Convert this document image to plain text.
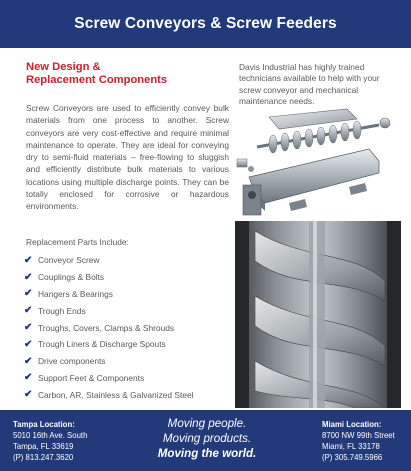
Screw Conveyors & Screw Feeders
New Design &
Replacement Components

Screw Conveyors are used to efficiently convey bulk materials from one process to another. Screw conveyors are very cost-effective and require minimal maintenance to operate. They are ideal for conveying dry to semi-fluid materials – free-flowing to sluggish and efficiently distribute bulk materials to various locations using multiple discharge points. They can be totally enclosed for corrosive or hazardous environments.

Replacement Parts Include:
✔ Conveyor Screw
✔ Couplings & Bolts
✔ Hangers & Bearings
✔ Trough Ends
✔ Troughs, Covers, Clamps & Shrouds
✔ Trough Liners & Discharge Spouts
✔ Drive components
✔ Support Feet & Components
✔ Carbon, AR, Stainless & Galvanized Steel

Davis Industrial has highly trained technicians available to help with your screw conveyor and mechanical maintenance needs.

Tampa Location:
5010 16th Ave. South
Tampa, FL 33619
(P) 813.247.3620
Moving people.
Moving products.
Moving the world.
Miami Location:
8700 NW 99th Street
Miami, FL 33178
(P) 305.749.5966
